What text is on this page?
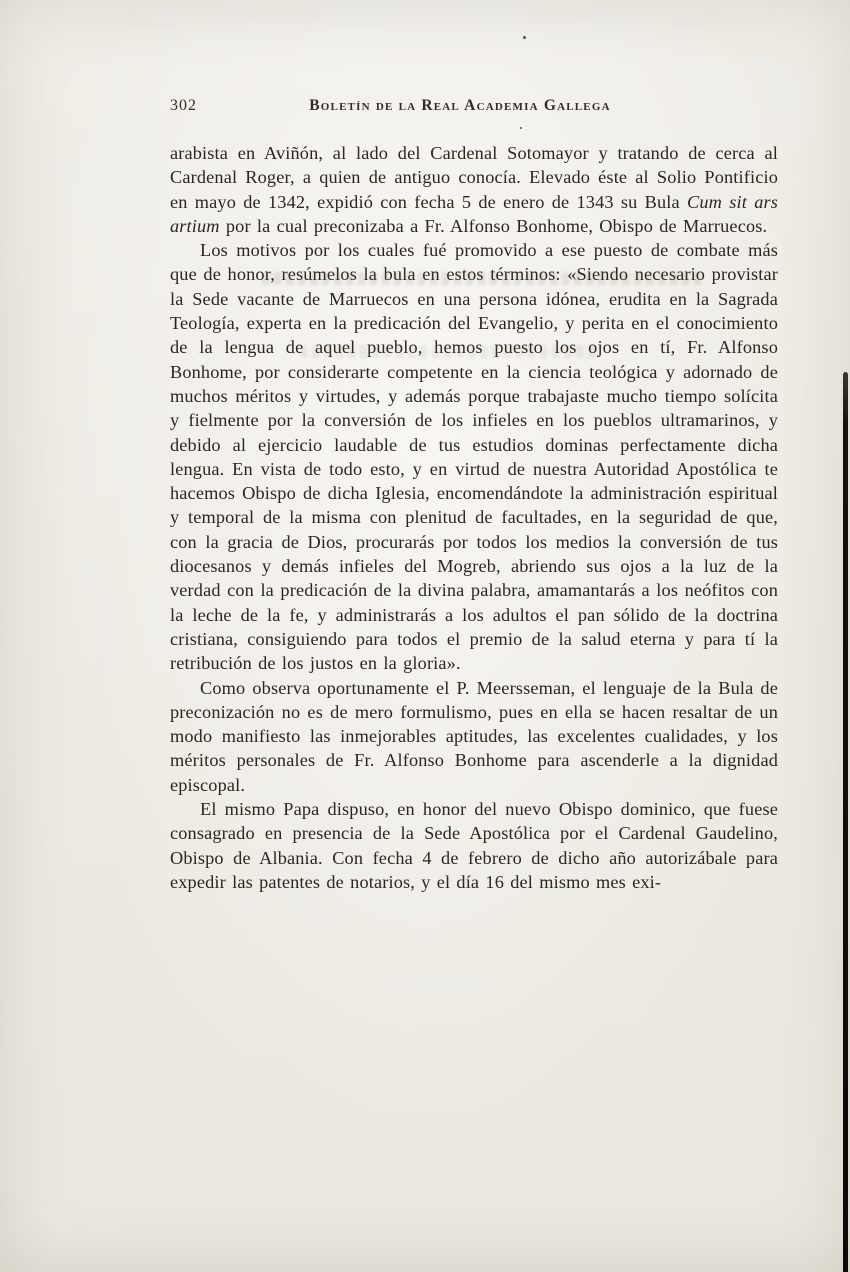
302	Boletín de la Real Academia Gallega

arabista en Aviñón, al lado del Cardenal Sotomayor y tratando de cerca al Cardenal Roger, a quien de antiguo conocía. Elevado éste al Solio Pontificio en mayo de 1342, expidió con fecha 5 de enero de 1343 su Bula Cum sit ars artium por la cual preconizaba a Fr. Alfonso Bonhome, Obispo de Marruecos.

Los motivos por los cuales fué promovido a ese puesto de combate más que de honor, resúmelos la bula en estos términos: «Siendo necesario provistar la Sede vacante de Marruecos en una persona idónea, erudita en la Sagrada Teología, experta en la predicación del Evangelio, y perita en el conocimiento de la lengua de aquel pueblo, hemos puesto los ojos en tí, Fr. Alfonso Bonhome, por considerarte competente en la ciencia teológica y adornado de muchos méritos y virtudes, y además porque trabajaste mucho tiempo solícita y fielmente por la conversión de los infieles en los pueblos ultramarinos, y debido al ejercicio laudable de tus estudios dominas perfectamente dicha lengua. En vista de todo esto, y en virtud de nuestra Autoridad Apostólica te hacemos Obispo de dicha Iglesia, encomendándote la administración espiritual y temporal de la misma con plenitud de facultades, en la seguridad de que, con la gracia de Dios, procurarás por todos los medios la conversión de tus diocesanos y demás infieles del Mogreb, abriendo sus ojos a la luz de la verdad con la predicación de la divina palabra, amamantarás a los neófitos con la leche de la fe, y administrarás a los adultos el pan sólido de la doctrina cristiana, consiguiendo para todos el premio de la salud eterna y para tí la retribución de los justos en la gloria».

Como observa oportunamente el P. Meersseman, el lenguaje de la Bula de preconización no es de mero formulismo, pues en ella se hacen resaltar de un modo manifiesto las inmejorables aptitudes, las excelentes cualidades, y los méritos personales de Fr. Alfonso Bonhome para ascenderle a la dignidad episcopal.

El mismo Papa dispuso, en honor del nuevo Obispo dominico, que fuese consagrado en presencia de la Sede Apostólica por el Cardenal Gaudelino, Obispo de Albania. Con fecha 4 de febrero de dicho año autorizábale para expedir las patentes de notarios, y el día 16 del mismo mes exi-
